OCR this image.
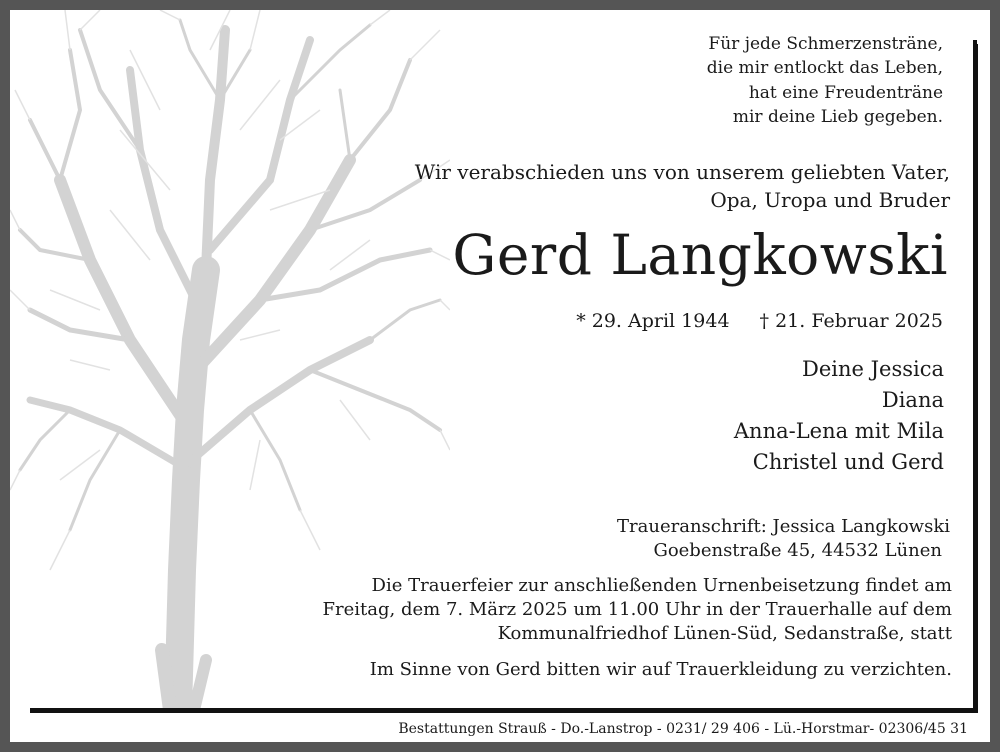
Für jede Schmerzensträne,
die mir entlockt das Leben,
hat eine Freudenträne
mir deine Lieb gegeben.
Wir verabschieden uns von unserem geliebten Vater,
Opa, Uropa und Bruder
Gerd Langkowski
* 29. April 1944 † 21. Februar 2025
Deine Jessica
Diana
Anna-Lena mit Mila
Christel und Gerd
Traueranschrift: Jessica Langkowski
Goebenstraße 45, 44532 Lünen
Die Trauerfeier zur anschließenden Urnenbeisetzung findet am
Freitag, dem 7. März 2025 um 11.00 Uhr in der Trauerhalle auf dem
Kommunalfriedhof Lünen-Süd, Sedanstraße, statt
Im Sinne von Gerd bitten wir auf Trauerkleidung zu verzichten.
Bestattungen Strauß - Do.-Lanstrop - 0231/ 29 406 - Lü.-Horstmar- 02306/45 31
